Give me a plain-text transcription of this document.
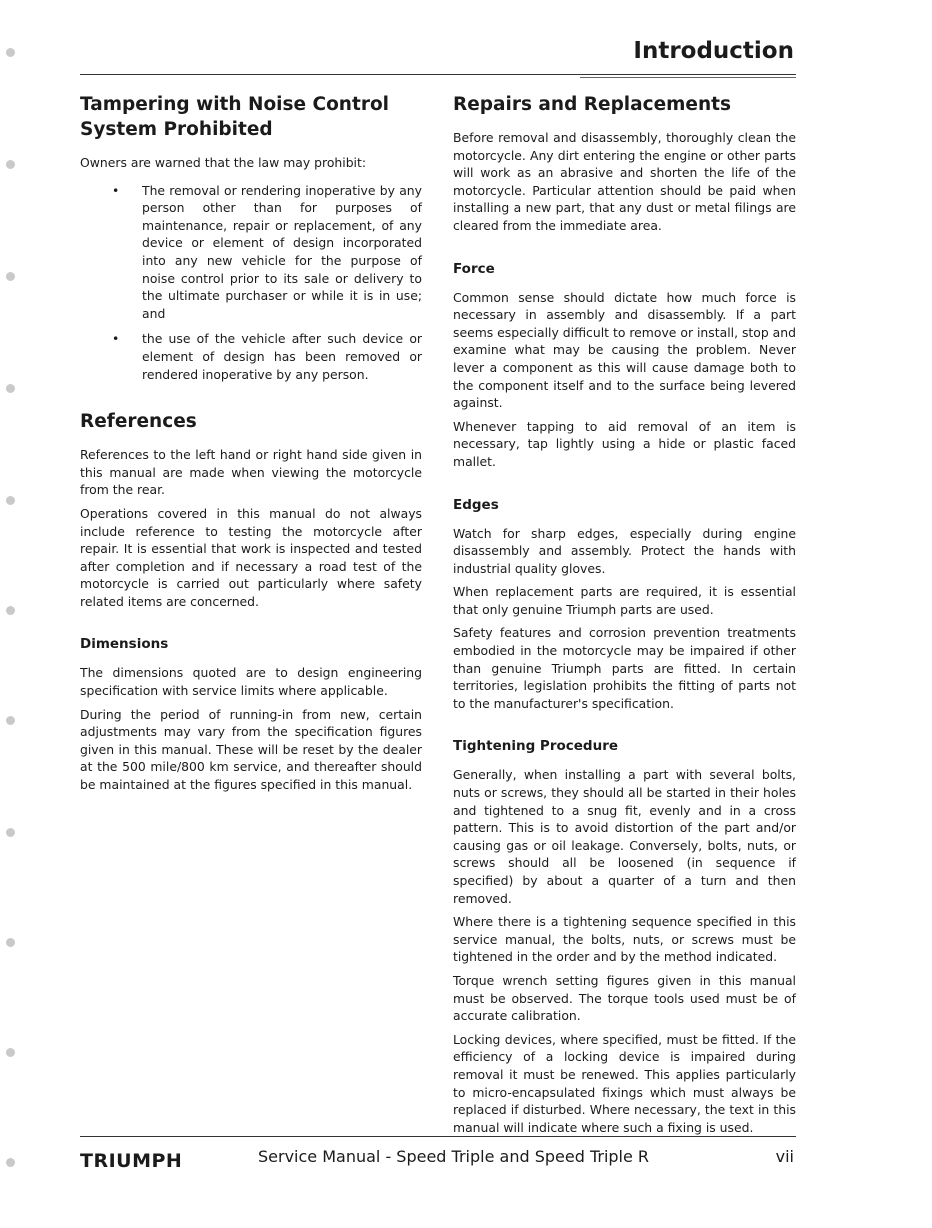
Introduction
Tampering with Noise Control System Prohibited

Owners are warned that the law may prohibit:

• The removal or rendering inoperative by any person other than for purposes of maintenance, repair or replacement, of any device or element of design incorporated into any new vehicle for the purpose of noise control prior to its sale or delivery to the ultimate purchaser or while it is in use; and
• the use of the vehicle after such device or element of design has been removed or rendered inoperative by any person.
References

References to the left hand or right hand side given in this manual are made when viewing the motorcycle from the rear.

Operations covered in this manual do not always include reference to testing the motorcycle after repair. It is essential that work is inspected and tested after completion and if necessary a road test of the motorcycle is carried out particularly where safety related items are concerned.

Dimensions

The dimensions quoted are to design engineering specification with service limits where applicable.

During the period of running-in from new, certain adjustments may vary from the specification figures given in this manual. These will be reset by the dealer at the 500 mile/800 km service, and thereafter should be maintained at the figures specified in this manual.

Repairs and Replacements

Before removal and disassembly, thoroughly clean the motorcycle. Any dirt entering the engine or other parts will work as an abrasive and shorten the life of the motorcycle. Particular attention should be paid when installing a new part, that any dust or metal filings are cleared from the immediate area.

Force

Common sense should dictate how much force is necessary in assembly and disassembly. If a part seems especially difficult to remove or install, stop and examine what may be causing the problem. Never lever a component as this will cause damage both to the component itself and to the surface being levered against.

Whenever tapping to aid removal of an item is necessary, tap lightly using a hide or plastic faced mallet.

Edges

Watch for sharp edges, especially during engine disassembly and assembly. Protect the hands with industrial quality gloves.

When replacement parts are required, it is essential that only genuine Triumph parts are used.

Safety features and corrosion prevention treatments embodied in the motorcycle may be impaired if other than genuine Triumph parts are fitted. In certain territories, legislation prohibits the fitting of parts not to the manufacturer's specification.

Tightening Procedure

Generally, when installing a part with several bolts, nuts or screws, they should all be started in their holes and tightened to a snug fit, evenly and in a cross pattern. This is to avoid distortion of the part and/or causing gas or oil leakage. Conversely, bolts, nuts, or screws should all be loosened (in sequence if specified) by about a quarter of a turn and then removed.

Where there is a tightening sequence specified in this service manual, the bolts, nuts, or screws must be tightened in the order and by the method indicated.

Torque wrench setting figures given in this manual must be observed. The torque tools used must be of accurate calibration.

Locking devices, where specified, must be fitted. If the efficiency of a locking device is impaired during removal it must be renewed. This applies particularly to micro-encapsulated fixings which must always be replaced if disturbed. Where necessary, the text in this manual will indicate where such a fixing is used.

TRIUMPH	Service Manual - Speed Triple and Speed Triple R	vii
